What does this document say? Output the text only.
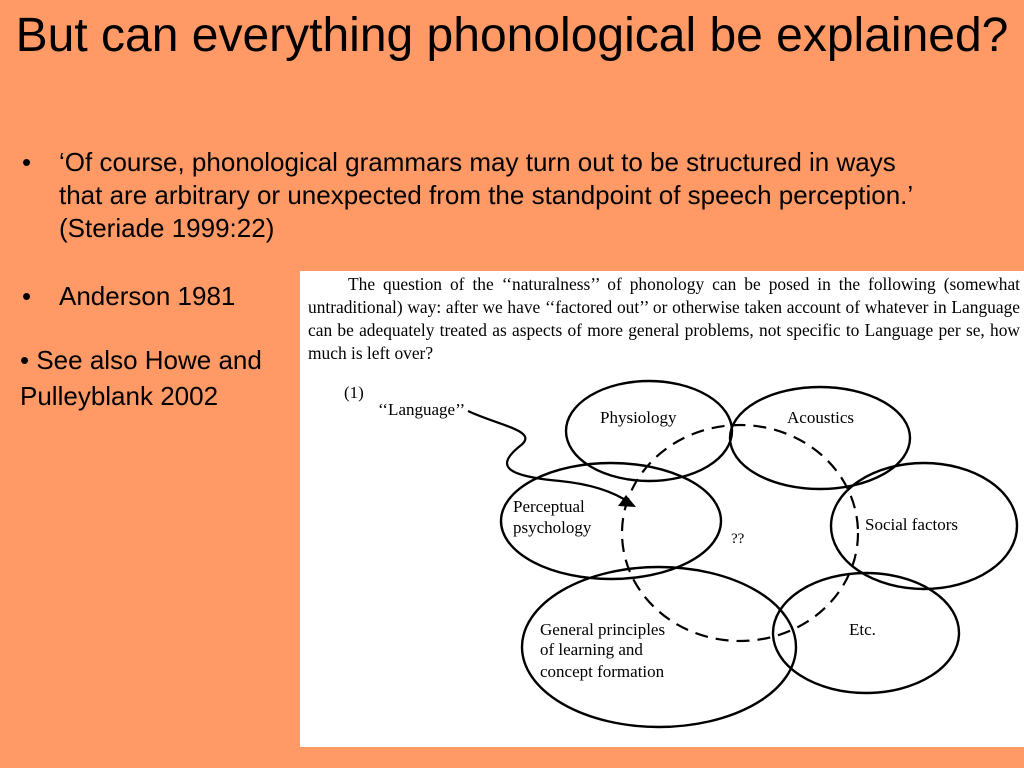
But can everything phonological be explained?
•	‘Of course, phonological grammars may turn out to be structured in ways that are arbitrary or unexpected from the standpoint of speech perception.’ (Steriade 1999:22)
•	Anderson 1981
• See also Howe and Pulleyblank 2002
The question of the ‘‘naturalness’’ of phonology can be posed in the following (somewhat untraditional) way: after we have ‘‘factored out’’ or otherwise taken account of whatever in Language can be adequately treated as aspects of more general problems, not specific to Language per se, how much is left over?
(1)
‘‘Language’’	Physiology	Acoustics
Perceptual
psychology
??
Social factors
General principles
of learning and
concept formation
Etc.
